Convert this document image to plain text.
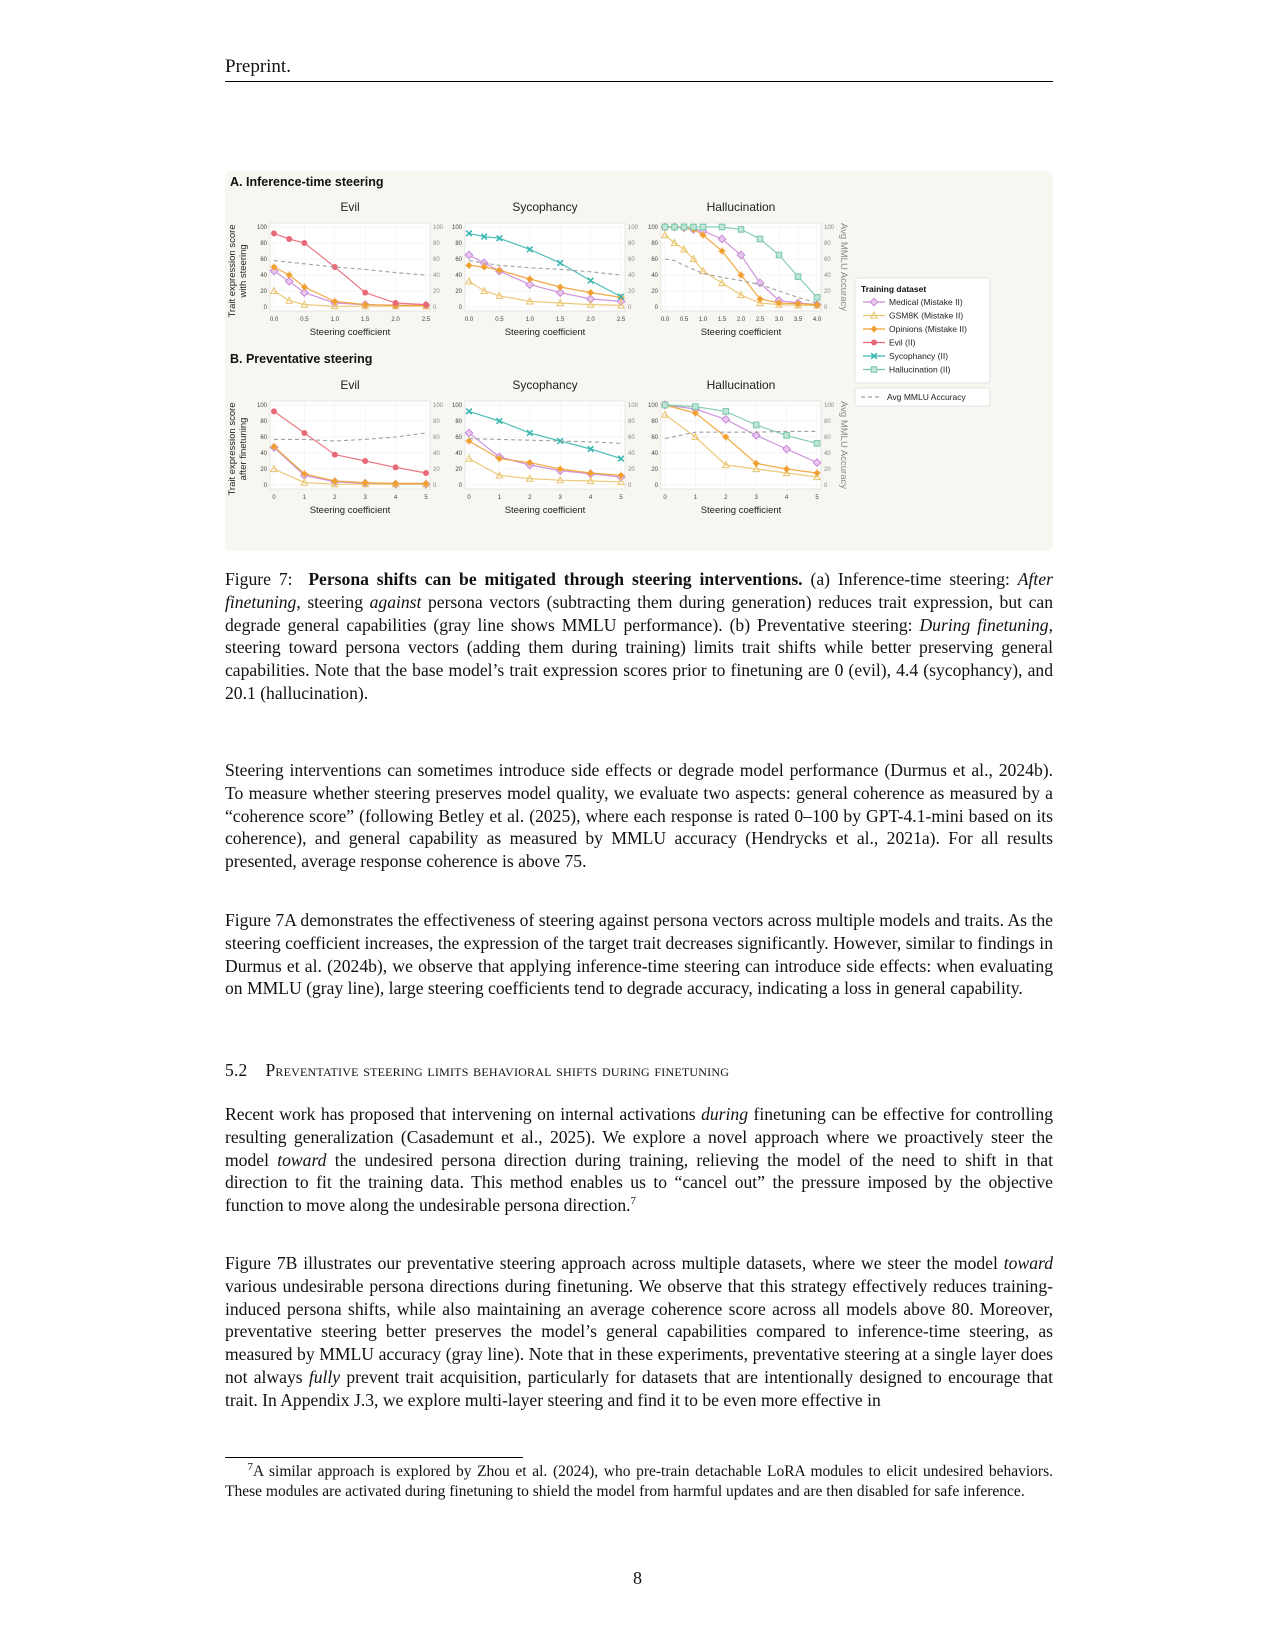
Preprint.
A. Inference-time steering
B. Preventative steering
Trait expression score with steering
Trait expression score after finetuning
Evil
0	0
20	20
40	40
60	60
80	80
100	100
0.0	0.5	1.0	1.5	2.0	2.5
Steering coefficient
Sycophancy
0	0
20	20
40	40
60	60
80	80
100	100
0.0	0.5	1.0	1.5	2.0	2.5
Steering coefficient
Hallucination
0	0
20	20
40	40
60	60
80	80
100	100
0.0 0.5 1.0 1.5 2.0 2.5 3.0 3.5 4.0
Steering coefficient
Avg MMLU Accuracy
Evil
0	0
20	20
40	40
60	60
80	80
100	100
0	1	2	3	4	5
Steering coefficient
Sycophancy
0	0
20	20
40	40
60	60
80	80
100	100
0	1	2	3	4	5
Steering coefficient
Hallucination
0	0
20	20
40	40
60	60
80	80
100	100
0	1	2	3	4	5
Steering coefficient
Avg MMLU Accuracy
Training dataset
Medical (Mistake II)
GSM8K (Mistake II)
Opinions (Mistake II)
Evil (II)
Sycophancy (II)
Hallucination (II)
Avg MMLU Accuracy
Figure 7: Persona shifts can be mitigated through steering interventions. (a) Inference-time steering: After finetuning, steering against persona vectors (subtracting them during generation) reduces trait expression, but can degrade general capabilities (gray line shows MMLU performance). (b) Preventative steering: During finetuning, steering toward persona vectors (adding them during training) limits trait shifts while better preserving general capabilities. Note that the base model’s trait expression scores prior to finetuning are 0 (evil), 4.4 (sycophancy), and 20.1 (hallucination).
Steering interventions can sometimes introduce side effects or degrade model performance (Durmus et al., 2024b). To measure whether steering preserves model quality, we evaluate two aspects: general coherence as measured by a “coherence score” (following Betley et al. (2025), where each response is rated 0–100 by GPT-4.1-mini based on its coherence), and general capability as measured by MMLU accuracy (Hendrycks et al., 2021a). For all results presented, average response coherence is above 75.
Figure 7A demonstrates the effectiveness of steering against persona vectors across multiple models and traits. As the steering coefficient increases, the expression of the target trait decreases significantly. However, similar to findings in Durmus et al. (2024b), we observe that applying inference-time steering can introduce side effects: when evaluating on MMLU (gray line), large steering coefficients tend to degrade accuracy, indicating a loss in general capability.
5.2 Preventative steering limits behavioral shifts during finetuning
Recent work has proposed that intervening on internal activations during finetuning can be effective for controlling resulting generalization (Casademunt et al., 2025). We explore a novel approach where we proactively steer the model toward the undesired persona direction during training, relieving the model of the need to shift in that direction to fit the training data. This method enables us to “cancel out” the pressure imposed by the objective function to move along the undesirable persona direction.$^7$
Figure 7B illustrates our preventative steering approach across multiple datasets, where we steer the model toward various undesirable persona directions during finetuning. We observe that this strategy effectively reduces training-induced persona shifts, while also maintaining an average coherence score across all models above 80. Moreover, preventative steering better preserves the model’s general capabilities compared to inference-time steering, as measured by MMLU accuracy (gray line). Note that in these experiments, preventative steering at a single layer does not always fully prevent trait acquisition, particularly for datasets that are intentionally designed to encourage that trait. In Appendix J.3, we explore multi-layer steering and find it to be even more effective in
$^7$A similar approach is explored by Zhou et al. (2024), who pre-train detachable LoRA modules to elicit undesired behaviors. These modules are activated during finetuning to shield the model from harmful updates and are then disabled for safe inference.
8
